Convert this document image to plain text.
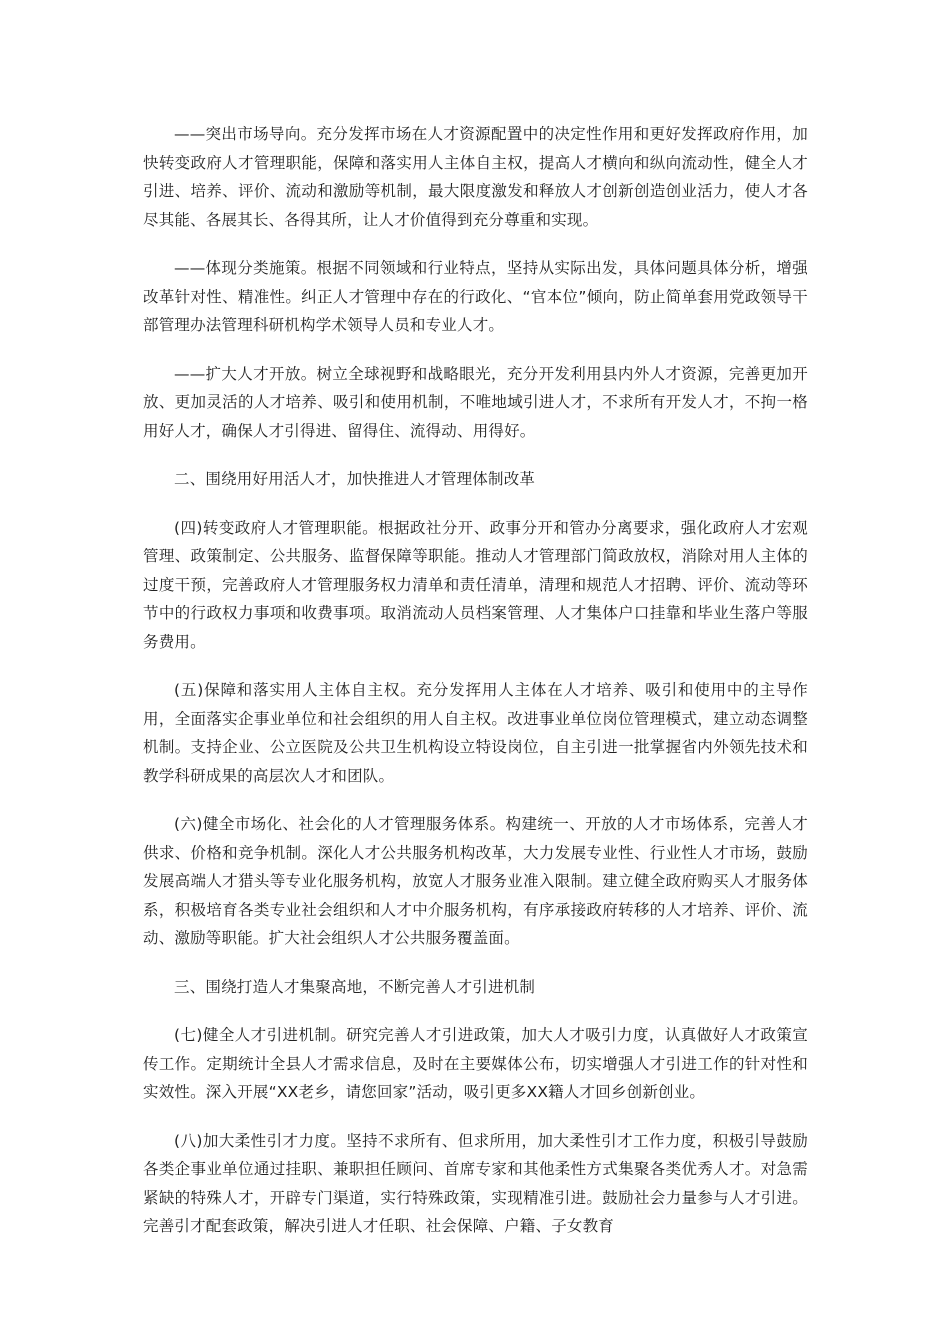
——突出市场导向。充分发挥市场在人才资源配置中的决定性作用和更好发挥政府作用，加快转变政府人才管理职能，保障和落实用人主体自主权，提高人才横向和纵向流动性，健全人才引进、培养、评价、流动和激励等机制，最大限度激发和释放人才创新创造创业活力，使人才各尽其能、各展其长、各得其所，让人才价值得到充分尊重和实现。

——体现分类施策。根据不同领域和行业特点，坚持从实际出发，具体问题具体分析，增强改革针对性、精准性。纠正人才管理中存在的行政化、“官本位”倾向，防止简单套用党政领导干部管理办法管理科研机构学术领导人员和专业人才。

——扩大人才开放。树立全球视野和战略眼光，充分开发利用县内外人才资源，完善更加开放、更加灵活的人才培养、吸引和使用机制，不唯地域引进人才，不求所有开发人才，不拘一格用好人才，确保人才引得进、留得住、流得动、用得好。

二、围绕用好用活人才，加快推进人才管理体制改革

(四)转变政府人才管理职能。根据政社分开、政事分开和管办分离要求，强化政府人才宏观管理、政策制定、公共服务、监督保障等职能。推动人才管理部门简政放权，消除对用人主体的过度干预，完善政府人才管理服务权力清单和责任清单，清理和规范人才招聘、评价、流动等环节中的行政权力事项和收费事项。取消流动人员档案管理、人才集体户口挂靠和毕业生落户等服务费用。

(五)保障和落实用人主体自主权。充分发挥用人主体在人才培养、吸引和使用中的主导作用，全面落实企事业单位和社会组织的用人自主权。改进事业单位岗位管理模式，建立动态调整机制。支持企业、公立医院及公共卫生机构设立特设岗位，自主引进一批掌握省内外领先技术和教学科研成果的高层次人才和团队。

(六)健全市场化、社会化的人才管理服务体系。构建统一、开放的人才市场体系，完善人才供求、价格和竞争机制。深化人才公共服务机构改革，大力发展专业性、行业性人才市场，鼓励发展高端人才猎头等专业化服务机构，放宽人才服务业准入限制。建立健全政府购买人才服务体系，积极培育各类专业社会组织和人才中介服务机构，有序承接政府转移的人才培养、评价、流动、激励等职能。扩大社会组织人才公共服务覆盖面。

三、围绕打造人才集聚高地，不断完善人才引进机制

(七)健全人才引进机制。研究完善人才引进政策，加大人才吸引力度，认真做好人才政策宣传工作。定期统计全县人才需求信息，及时在主要媒体公布，切实增强人才引进工作的针对性和实效性。深入开展“XX老乡，请您回家”活动，吸引更多XX籍人才回乡创新创业。

(八)加大柔性引才力度。坚持不求所有、但求所用，加大柔性引才工作力度，积极引导鼓励各类企事业单位通过挂职、兼职担任顾问、首席专家和其他柔性方式集聚各类优秀人才。对急需紧缺的特殊人才，开辟专门渠道，实行特殊政策，实现精准引进。鼓励社会力量参与人才引进。完善引才配套政策，解决引进人才任职、社会保障、户籍、子女教育
